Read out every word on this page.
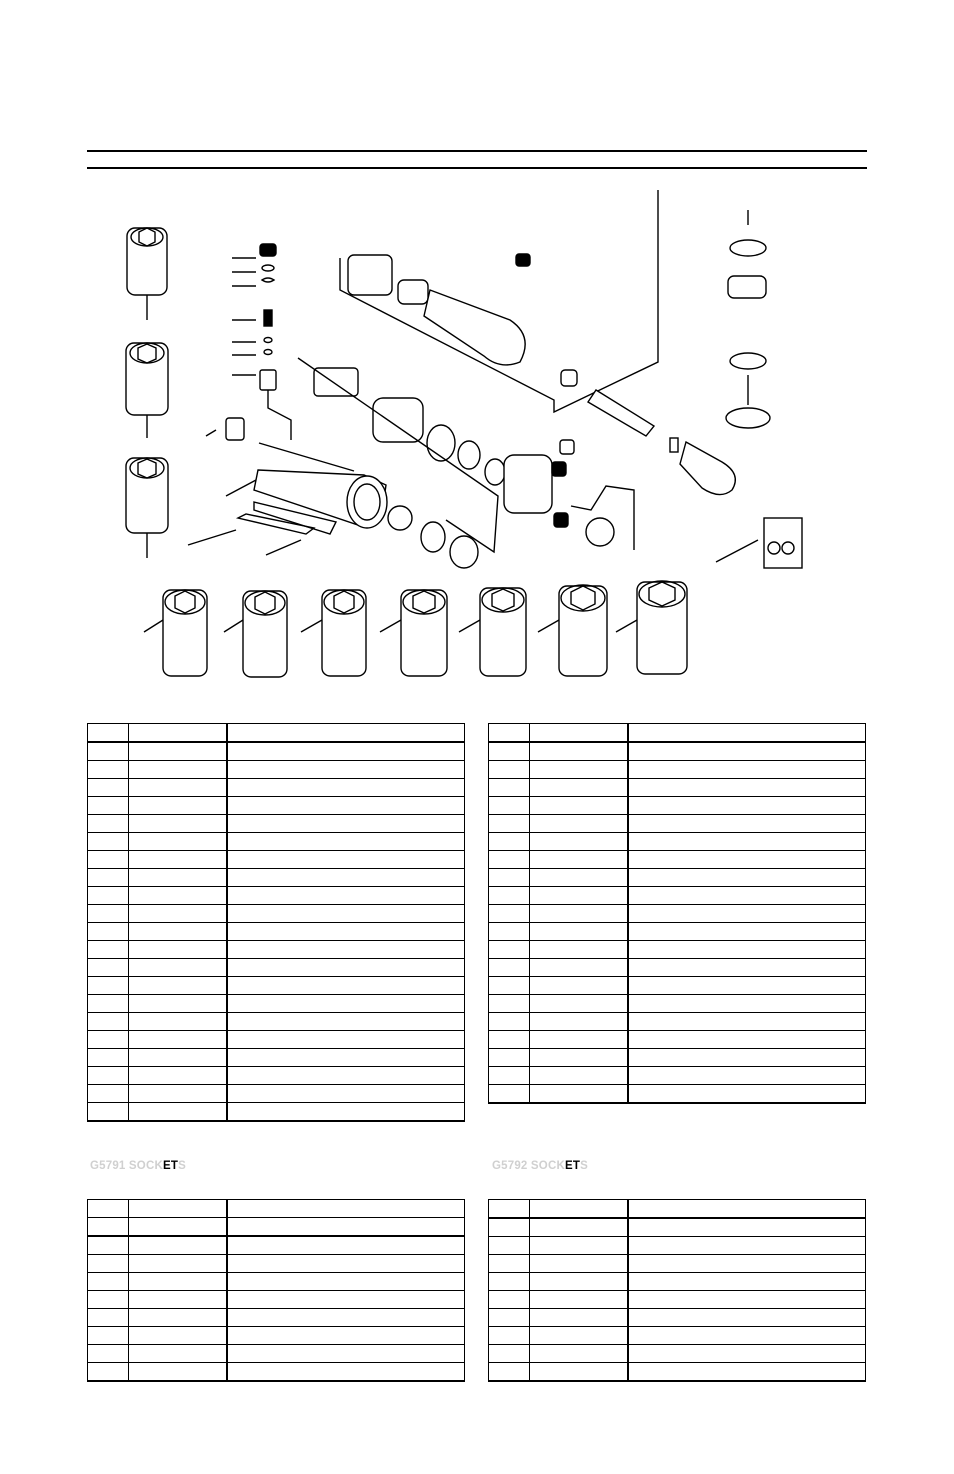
G5791 SOCKETS	G5792 SOCKETS
